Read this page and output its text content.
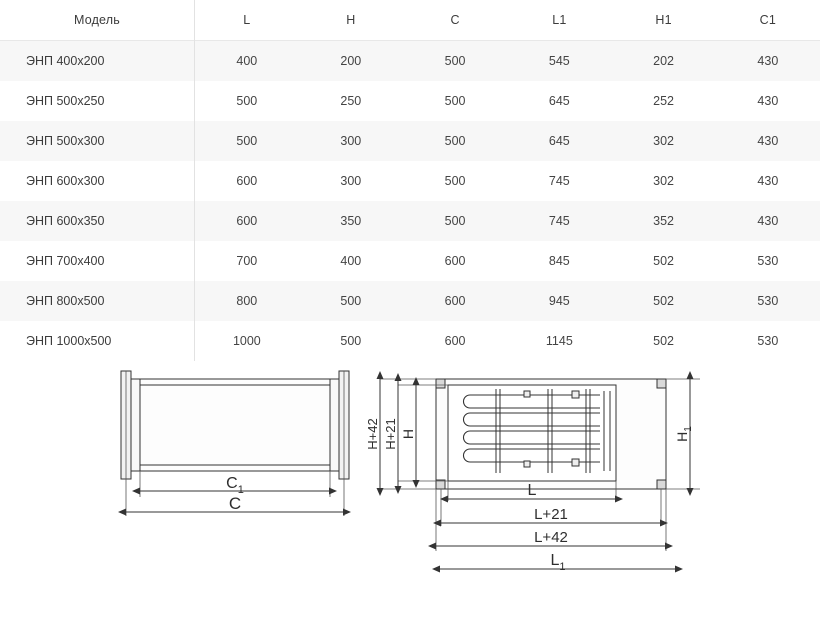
Модель	L	H	C	L1	H1	C1
ЭНП 400х200	400	200	500	545	202	430
ЭНП 500х250	500	250	500	645	252	430
ЭНП 500х300	500	300	500	645	302	430
ЭНП 600х300	600	300	500	745	302	430
ЭНП 600х350	600	350	500	745	352	430
ЭНП 700х400	700	400	600	845	502	530
ЭНП 800х500	800	500	600	945	502	530
ЭНП 1000х500	1000	500	600	1145	502	530
$C_1$
C
H+42 H+21 H	$H_1$
L
L+21
L+42
$L_1$
